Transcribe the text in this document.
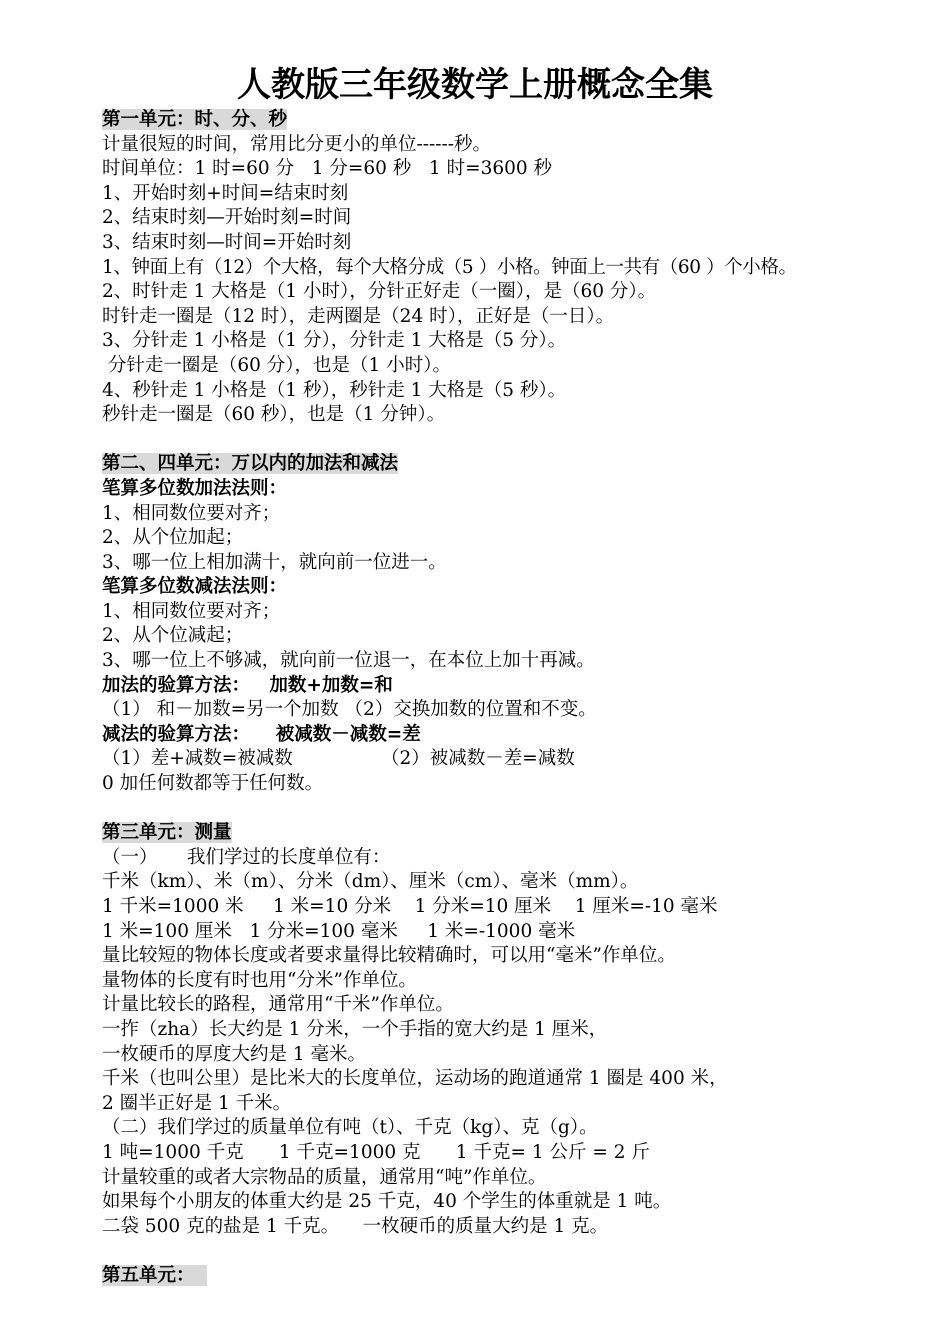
人教版三年级数学上册概念全集
第一单元：时、分、秒
计量很短的时间，常用比分更小的单位------秒。
时间单位：1 时=60 分   1 分=60 秒   1 时=3600 秒
1、开始时刻+时间=结束时刻
2、结束时刻—开始时刻=时间
3、结束时刻—时间=开始时刻
1、钟面上有（12）个大格，每个大格分成（5 ）小格。钟面上一共有（60 ）个小格。
2、时针走 1 大格是（1 小时），分针正好走（一圈），是（60 分）。
时针走一圈是（12 时），走两圈是（24 时），正好是（一日）。
3、分针走 1 小格是（1 分），分针走 1 大格是（5 分）。
分针走一圈是（60 分），也是（1 小时）。
4、秒针走 1 小格是（1 秒），秒针走 1 大格是（5 秒）。
秒针走一圈是（60 秒），也是（1 分钟）。
第二、四单元：万以内的加法和减法
笔算多位数加法法则：
1、相同数位要对齐；
2、从个位加起；
3、哪一位上相加满十，就向前一位进一。
笔算多位数减法法则：
1、相同数位要对齐；
2、从个位减起；
3、哪一位上不够减，就向前一位退一，在本位上加十再减。
加法的验算方法：   加数+加数=和
（1） 和－加数=另一个加数 （2）交换加数的位置和不变。
减法的验算方法：    被减数－减数=差
（1）差+减数=被减数               （2）被减数－差=减数
0 加任何数都等于任何数。
第三单元：测量
（一）     我们学过的长度单位有：
千米（km）、米（m）、分米（dm）、厘米（cm）、毫米（mm）。
1 千米=1000 米     1 米=10 分米    1 分米=10 厘米    1 厘米=-10 毫米
1 米=100 厘米   1 分米=100 毫米     1 米=-1000 毫米
量比较短的物体长度或者要求量得比较精确时，可以用“毫米”作单位。
量物体的长度有时也用“分米”作单位。
计量比较长的路程，通常用“千米”作单位。
一拃（zha）长大约是 1 分米，一个手指的宽大约是 1 厘米，
一枚硬币的厚度大约是 1 毫米。
千米（也叫公里）是比米大的长度单位，运动场的跑道通常 1 圈是 400 米，
2 圈半正好是 1 千米。
（二）我们学过的质量单位有吨（t）、千克（kg）、克（g）。
1 吨=1000 千克      1 千克=1000 克      1 千克= 1 公斤 = 2 斤
计量较重的或者大宗物品的质量，通常用“吨”作单位。
如果每个小朋友的体重大约是 25 千克，40 个学生的体重就是 1 吨。
二袋 500 克的盐是 1 千克。    一枚硬币的质量大约是 1 克。
第五单元：
